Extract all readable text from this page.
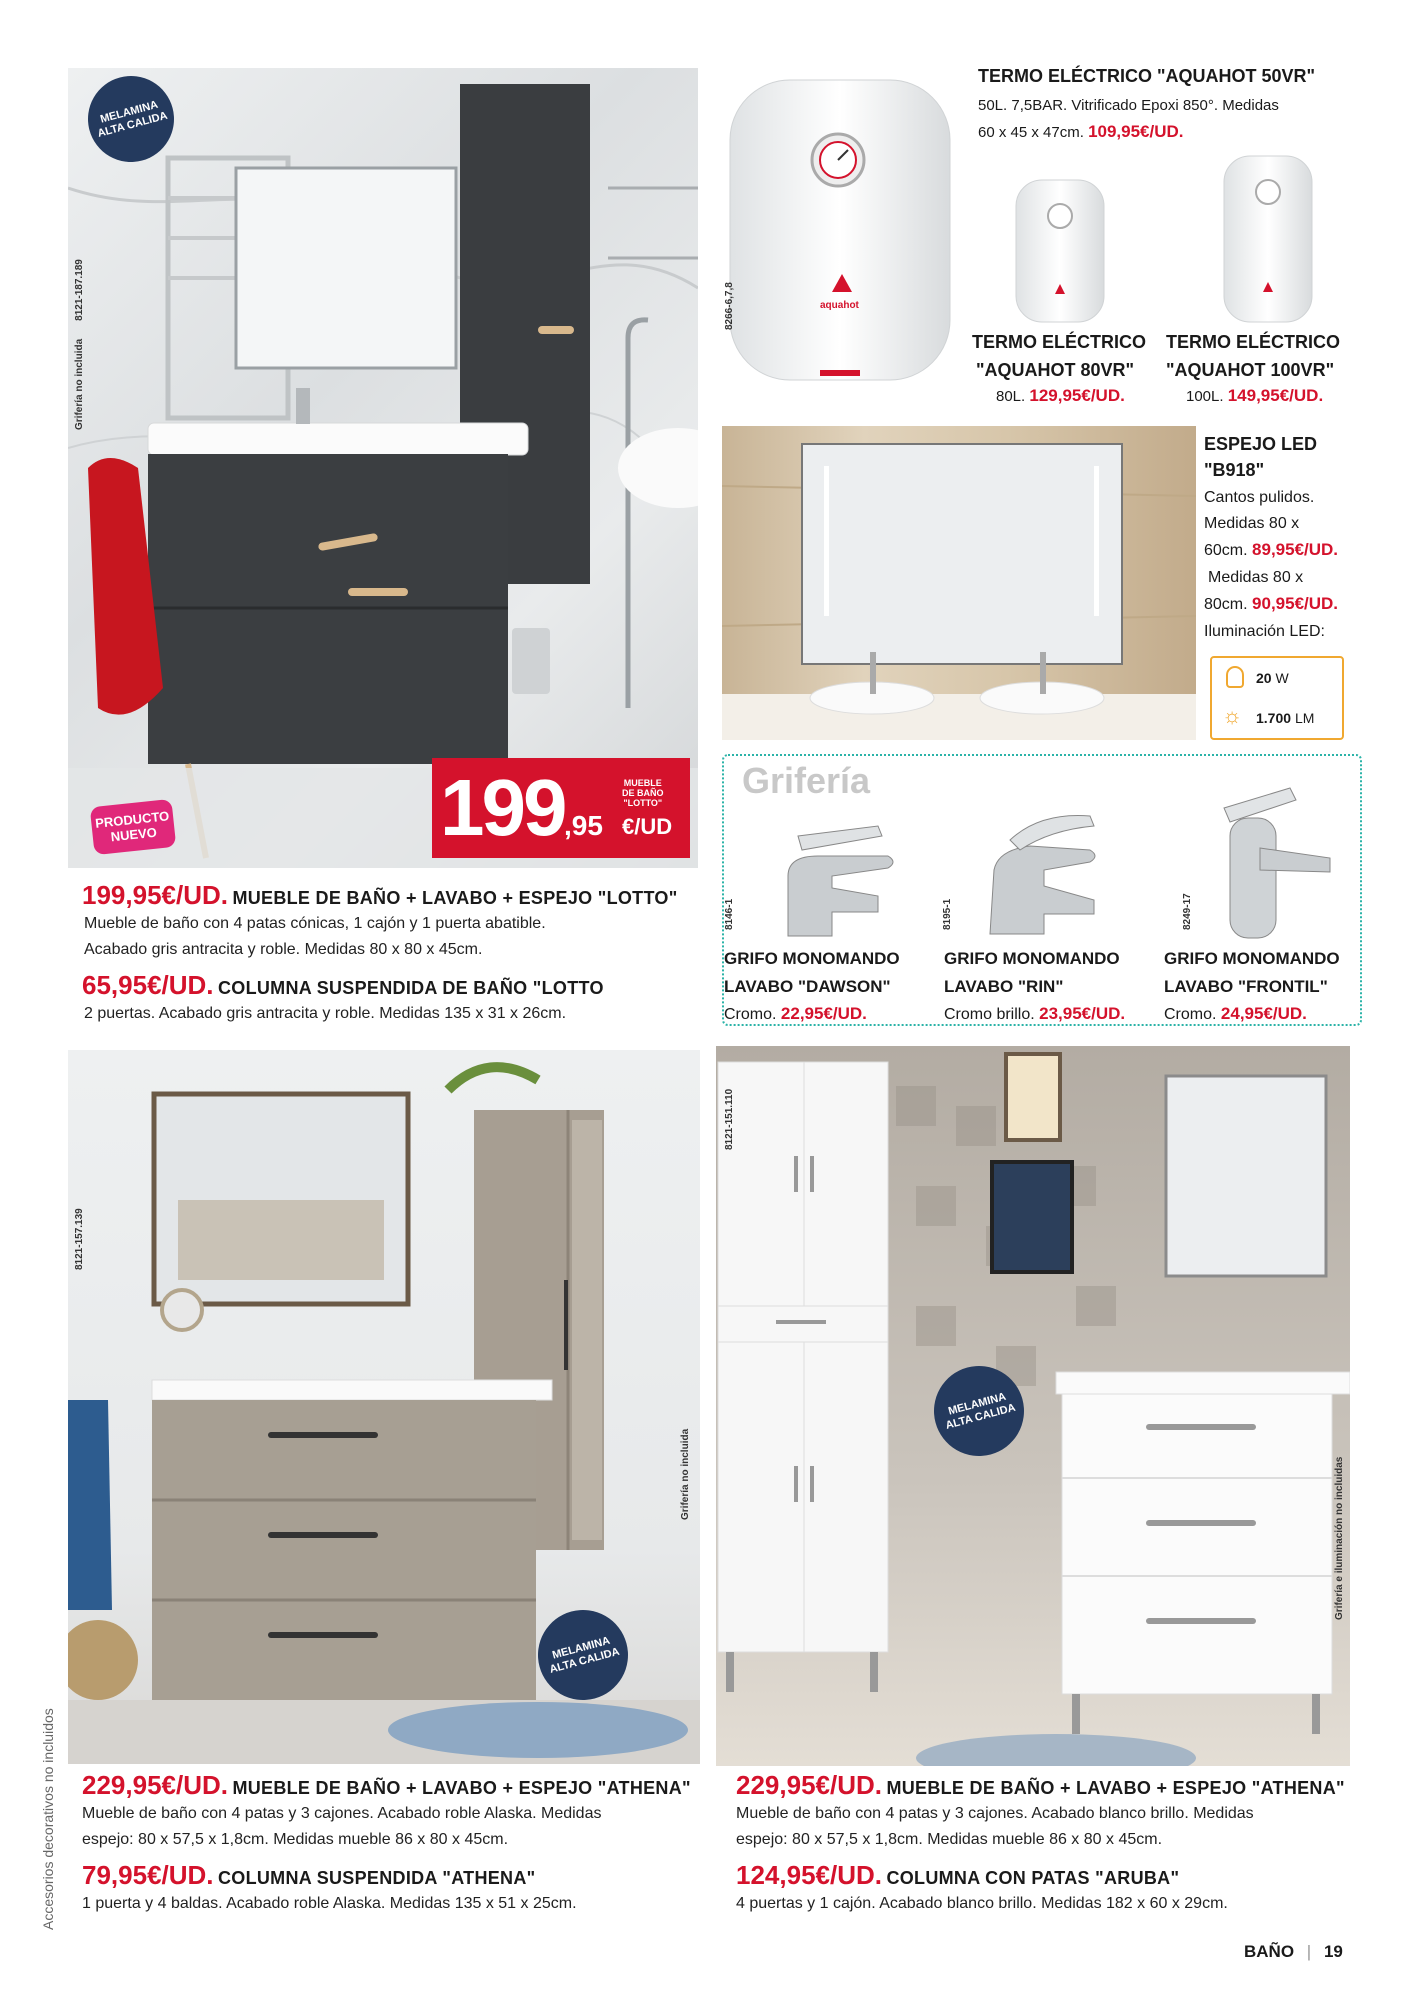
MELAMINA
ALTA CALIDA
PRODUCTO
NUEVO
Grifería no incluida8121-187.189
199 ,95
MUEBLE
DE BAÑO
"LOTTO"
€/UD
199,95€/UD. MUEBLE DE BAÑO + LAVABO + ESPEJO "LOTTO"
Mueble de baño con 4 patas cónicas, 1 cajón y 1 puerta abatible.
Acabado gris antracita y roble. Medidas 80 x 80 x 45cm.
65,95€/UD. COLUMNA SUSPENDIDA DE BAÑO "LOTTO
2 puertas. Acabado gris antracita y roble. Medidas 135 x 31 x 26cm.
aquahot
8266-6,7,8
TERMO ELÉCTRICO "AQUAHOT 50VR"
50L. 7,5BAR. Vitrificado Epoxi 850°. Medidas
60 x 45 x 47cm. 109,95€/UD.
TERMO ELÉCTRICO
"AQUAHOT 80VR"
80L. 129,95€/UD.
TERMO ELÉCTRICO
"AQUAHOT 100VR"
100L. 149,95€/UD.
ESPEJO LED
"B918"
Cantos pulidos.
Medidas 80 x
60cm. 89,95€/UD.
Medidas 80 x
80cm. 90,95€/UD.
Iluminación LED:
20 W
☼ 1.700 LM
Grifería
8146-1	8195-1	8249-17
GRIFO MONOMANDO
LAVABO "DAWSON"
Cromo. 22,95€/UD.
GRIFO MONOMANDO
LAVABO "RIN"
Cromo brillo. 23,95€/UD.
GRIFO MONOMANDO
LAVABO "FRONTIL"
Cromo. 24,95€/UD.
MELAMINA
ALTA CALIDA
8121-157.139
Grifería no incluida
229,95€/UD. MUEBLE DE BAÑO + LAVABO + ESPEJO "ATHENA"
Mueble de baño con 4 patas y 3 cajones. Acabado roble Alaska. Medidas
espejo: 80 x 57,5 x 1,8cm. Medidas mueble 86 x 80 x 45cm.
79,95€/UD. COLUMNA SUSPENDIDA "ATHENA"
1 puerta y 4 baldas. Acabado roble Alaska. Medidas 135 x 51 x 25cm.
MELAMINA
ALTA CALIDA
8121-151.110
Grifería e iluminación no incluidas
229,95€/UD. MUEBLE DE BAÑO + LAVABO + ESPEJO "ATHENA"
Mueble de baño con 4 patas y 3 cajones. Acabado blanco brillo. Medidas
espejo: 80 x 57,5 x 1,8cm. Medidas mueble 86 x 80 x 45cm.
124,95€/UD. COLUMNA CON PATAS "ARUBA"
4 puertas y 1 cajón. Acabado blanco brillo. Medidas 182 x 60 x 29cm.
Accesorios decorativos no incluidos
BAÑO | 19
